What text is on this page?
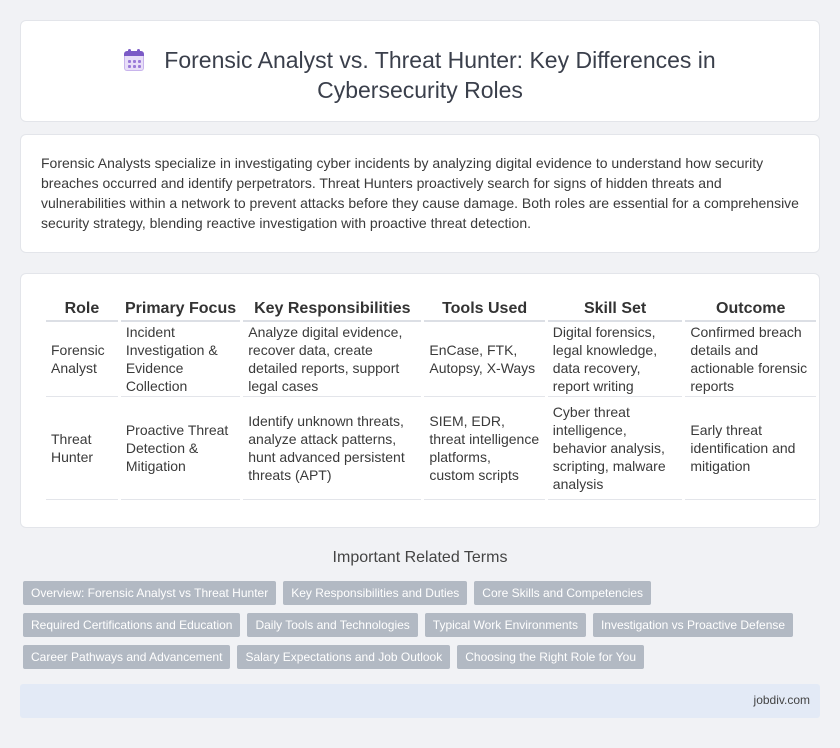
Forensic Analyst vs. Threat Hunter: Key Differences in
Cybersecurity Roles

Forensic Analysts specialize in investigating cyber incidents by analyzing digital evidence to understand how security breaches occurred and identify perpetrators. Threat Hunters proactively search for signs of hidden threats and vulnerabilities within a network to prevent attacks before they cause damage. Both roles are essential for a comprehensive security strategy, blending reactive investigation with proactive threat detection.

Role	Primary Focus	Key Responsibilities	Tools Used	Skill Set	Outcome
Forensic Analyst	Incident Investigation & Evidence Collection	Analyze digital evidence, recover data, create detailed reports, support legal cases	EnCase, FTK, Autopsy, X-Ways	Digital forensics, legal knowledge, data recovery, report writing	Confirmed breach details and actionable forensic reports
Threat Hunter	Proactive Threat Detection & Mitigation	Identify unknown threats, analyze attack patterns, hunt advanced persistent threats (APT)	SIEM, EDR, threat intelligence platforms, custom scripts	Cyber threat intelligence, behavior analysis, scripting, malware analysis	Early threat identification and mitigation
Important Related Terms
Overview: Forensic Analyst vs Threat Hunter	Key Responsibilities and Duties	Core Skills and Competencies
Required Certifications and Education	Daily Tools and Technologies	Typical Work Environments	Investigation vs Proactive Defense
Career Pathways and Advancement	Salary Expectations and Job Outlook	Choosing the Right Role for You
jobdiv.com
